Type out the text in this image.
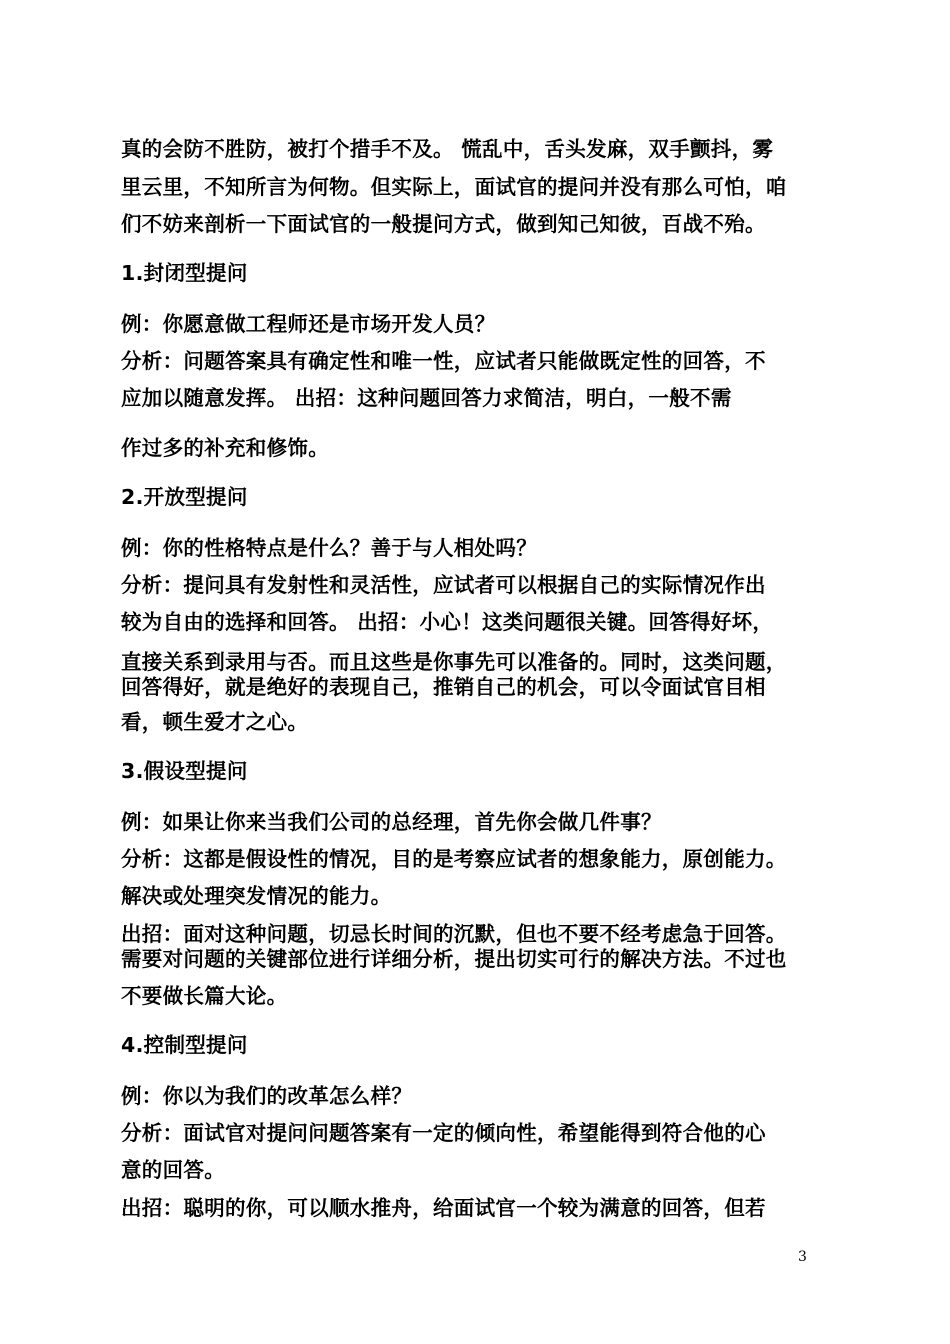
真的会防不胜防，被打个措手不及。 慌乱中，舌头发麻，双手颤抖，雾
里云里，不知所言为何物。但实际上，面试官的提问并没有那么可怕，咱
们不妨来剖析一下面试官的一般提问方式，做到知己知彼，百战不殆。
1.封闭型提问
例：你愿意做工程师还是市场开发人员？
分析：问题答案具有确定性和唯一性，应试者只能做既定性的回答，不
应加以随意发挥。 出招：这种问题回答力求简洁，明白，一般不需
作过多的补充和修饰。
2.开放型提问
例：你的性格特点是什么？善于与人相处吗？
分析：提问具有发射性和灵活性，应试者可以根据自己的实际情况作出
较为自由的选择和回答。 出招：小心！这类问题很关键。回答得好坏，
直接关系到录用与否。而且这些是你事先可以准备的。同时，这类问题，
回答得好，就是绝好的表现自己，推销自己的机会，可以令面试官目相
看，顿生爱才之心。
3.假设型提问
例：如果让你来当我们公司的总经理，首先你会做几件事？
分析：这都是假设性的情况，目的是考察应试者的想象能力，原创能力。
解决或处理突发情况的能力。
出招：面对这种问题，切忌长时间的沉默，但也不要不经考虑急于回答。
需要对问题的关键部位进行详细分析，提出切实可行的解决方法。不过也
不要做长篇大论。
4.控制型提问
例：你以为我们的改革怎么样？
分析：面试官对提问问题答案有一定的倾向性，希望能得到符合他的心
意的回答。
出招：聪明的你，可以顺水推舟，给面试官一个较为满意的回答，但若
3
